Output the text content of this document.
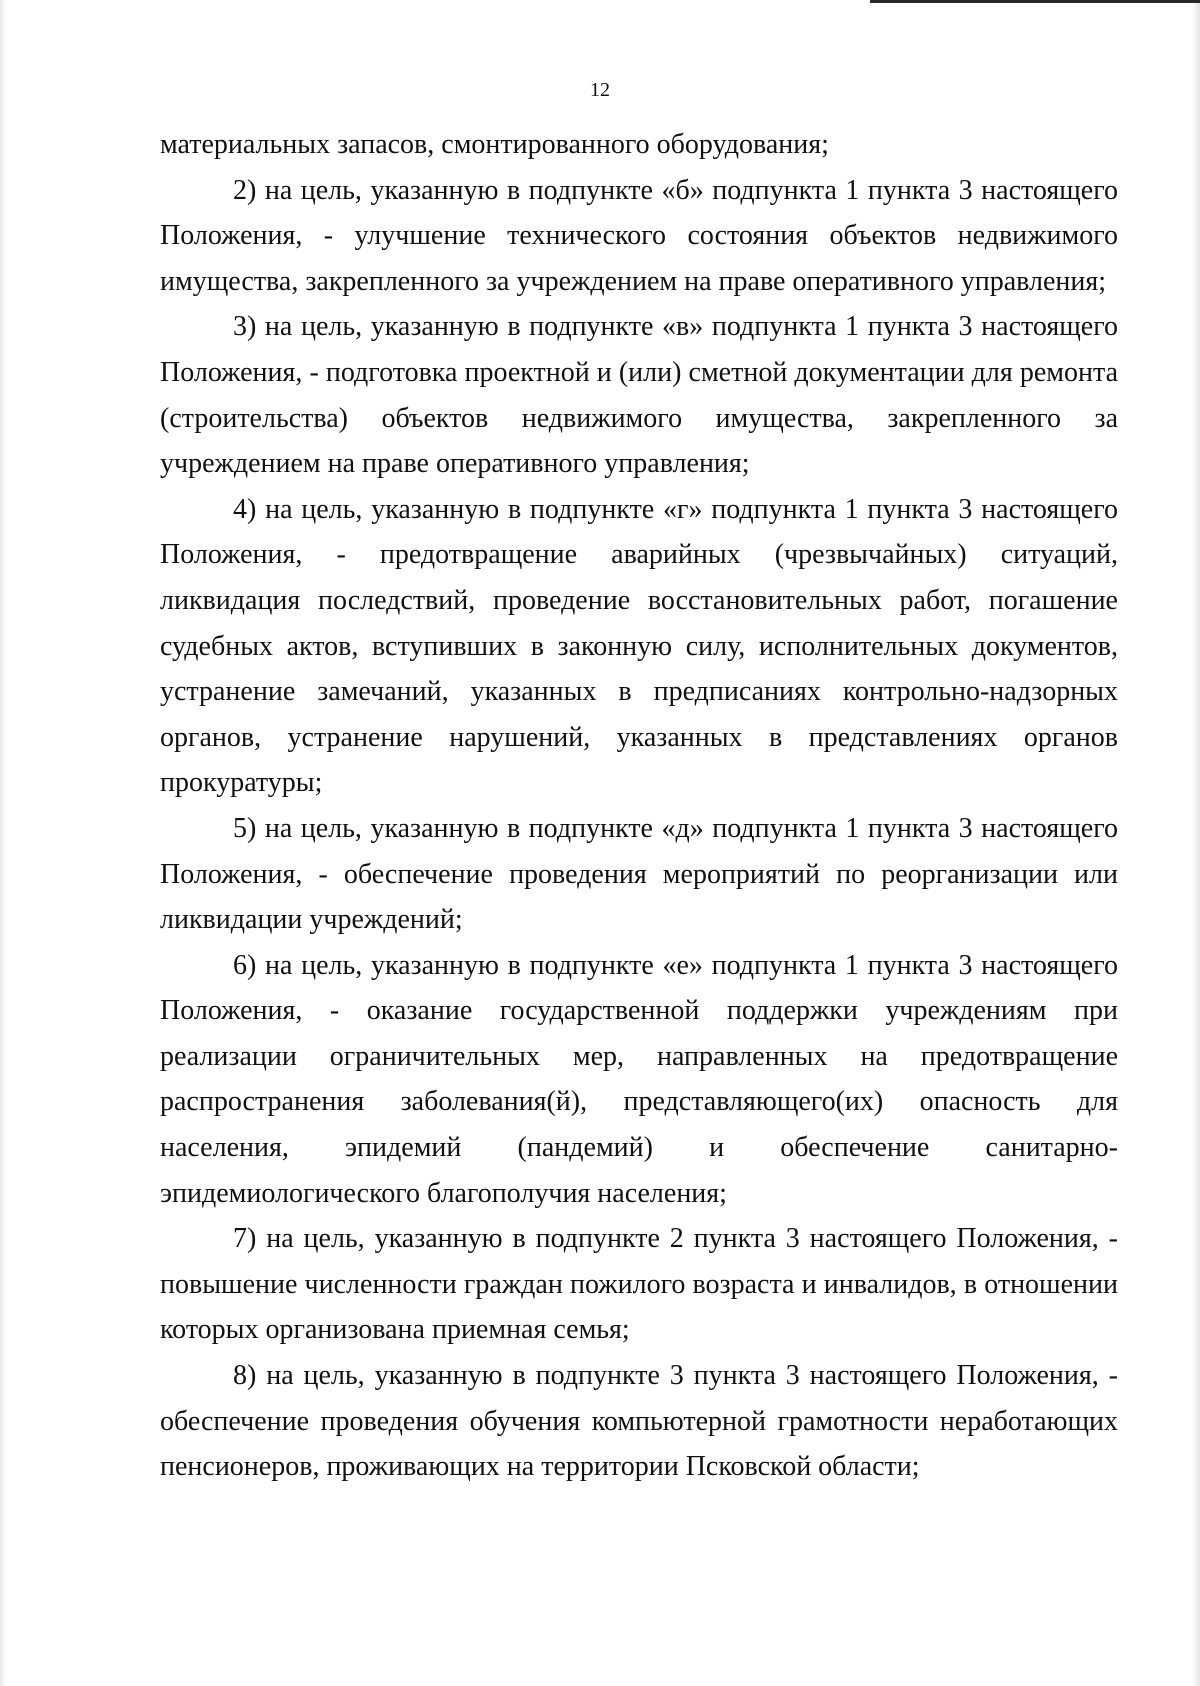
12

материальных запасов, смонтированного оборудования;

2) на цель, указанную в подпункте «б» подпункта 1 пункта 3 настоящего Положения, - улучшение технического состояния объектов недвижимого имущества, закрепленного за учреждением на праве оперативного управления;

3) на цель, указанную в подпункте «в» подпункта 1 пункта 3 настоящего Положения, - подготовка проектной и (или) сметной документации для ремонта (строительства) объектов недвижимого имущества, закрепленного за учреждением на праве оперативного управления;

4) на цель, указанную в подпункте «г» подпункта 1 пункта 3 настоящего Положения, - предотвращение аварийных (чрезвычайных) ситуаций, ликвидация последствий, проведение восстановительных работ, погашение судебных актов, вступивших в законную силу, исполнительных документов, устранение замечаний, указанных в предписаниях контрольно-надзорных органов, устранение нарушений, указанных в представлениях органов прокуратуры;

5) на цель, указанную в подпункте «д» подпункта 1 пункта 3 настоящего Положения, - обеспечение проведения мероприятий по реорганизации или ликвидации учреждений;

6) на цель, указанную в подпункте «е» подпункта 1 пункта 3 настоящего Положения, - оказание государственной поддержки учреждениям при реализации ограничительных мер, направленных на предотвращение распространения заболевания(й), представляющего(их) опасность для населения, эпидемий (пандемий) и обеспечение санитарно-эпидемиологического благополучия населения;

7) на цель, указанную в подпункте 2 пункта 3 настоящего Положения, - повышение численности граждан пожилого возраста и инвалидов, в отношении которых организована приемная семья;

8) на цель, указанную в подпункте 3 пункта 3 настоящего Положения, - обеспечение проведения обучения компьютерной грамотности неработающих пенсионеров, проживающих на территории Псковской области;
